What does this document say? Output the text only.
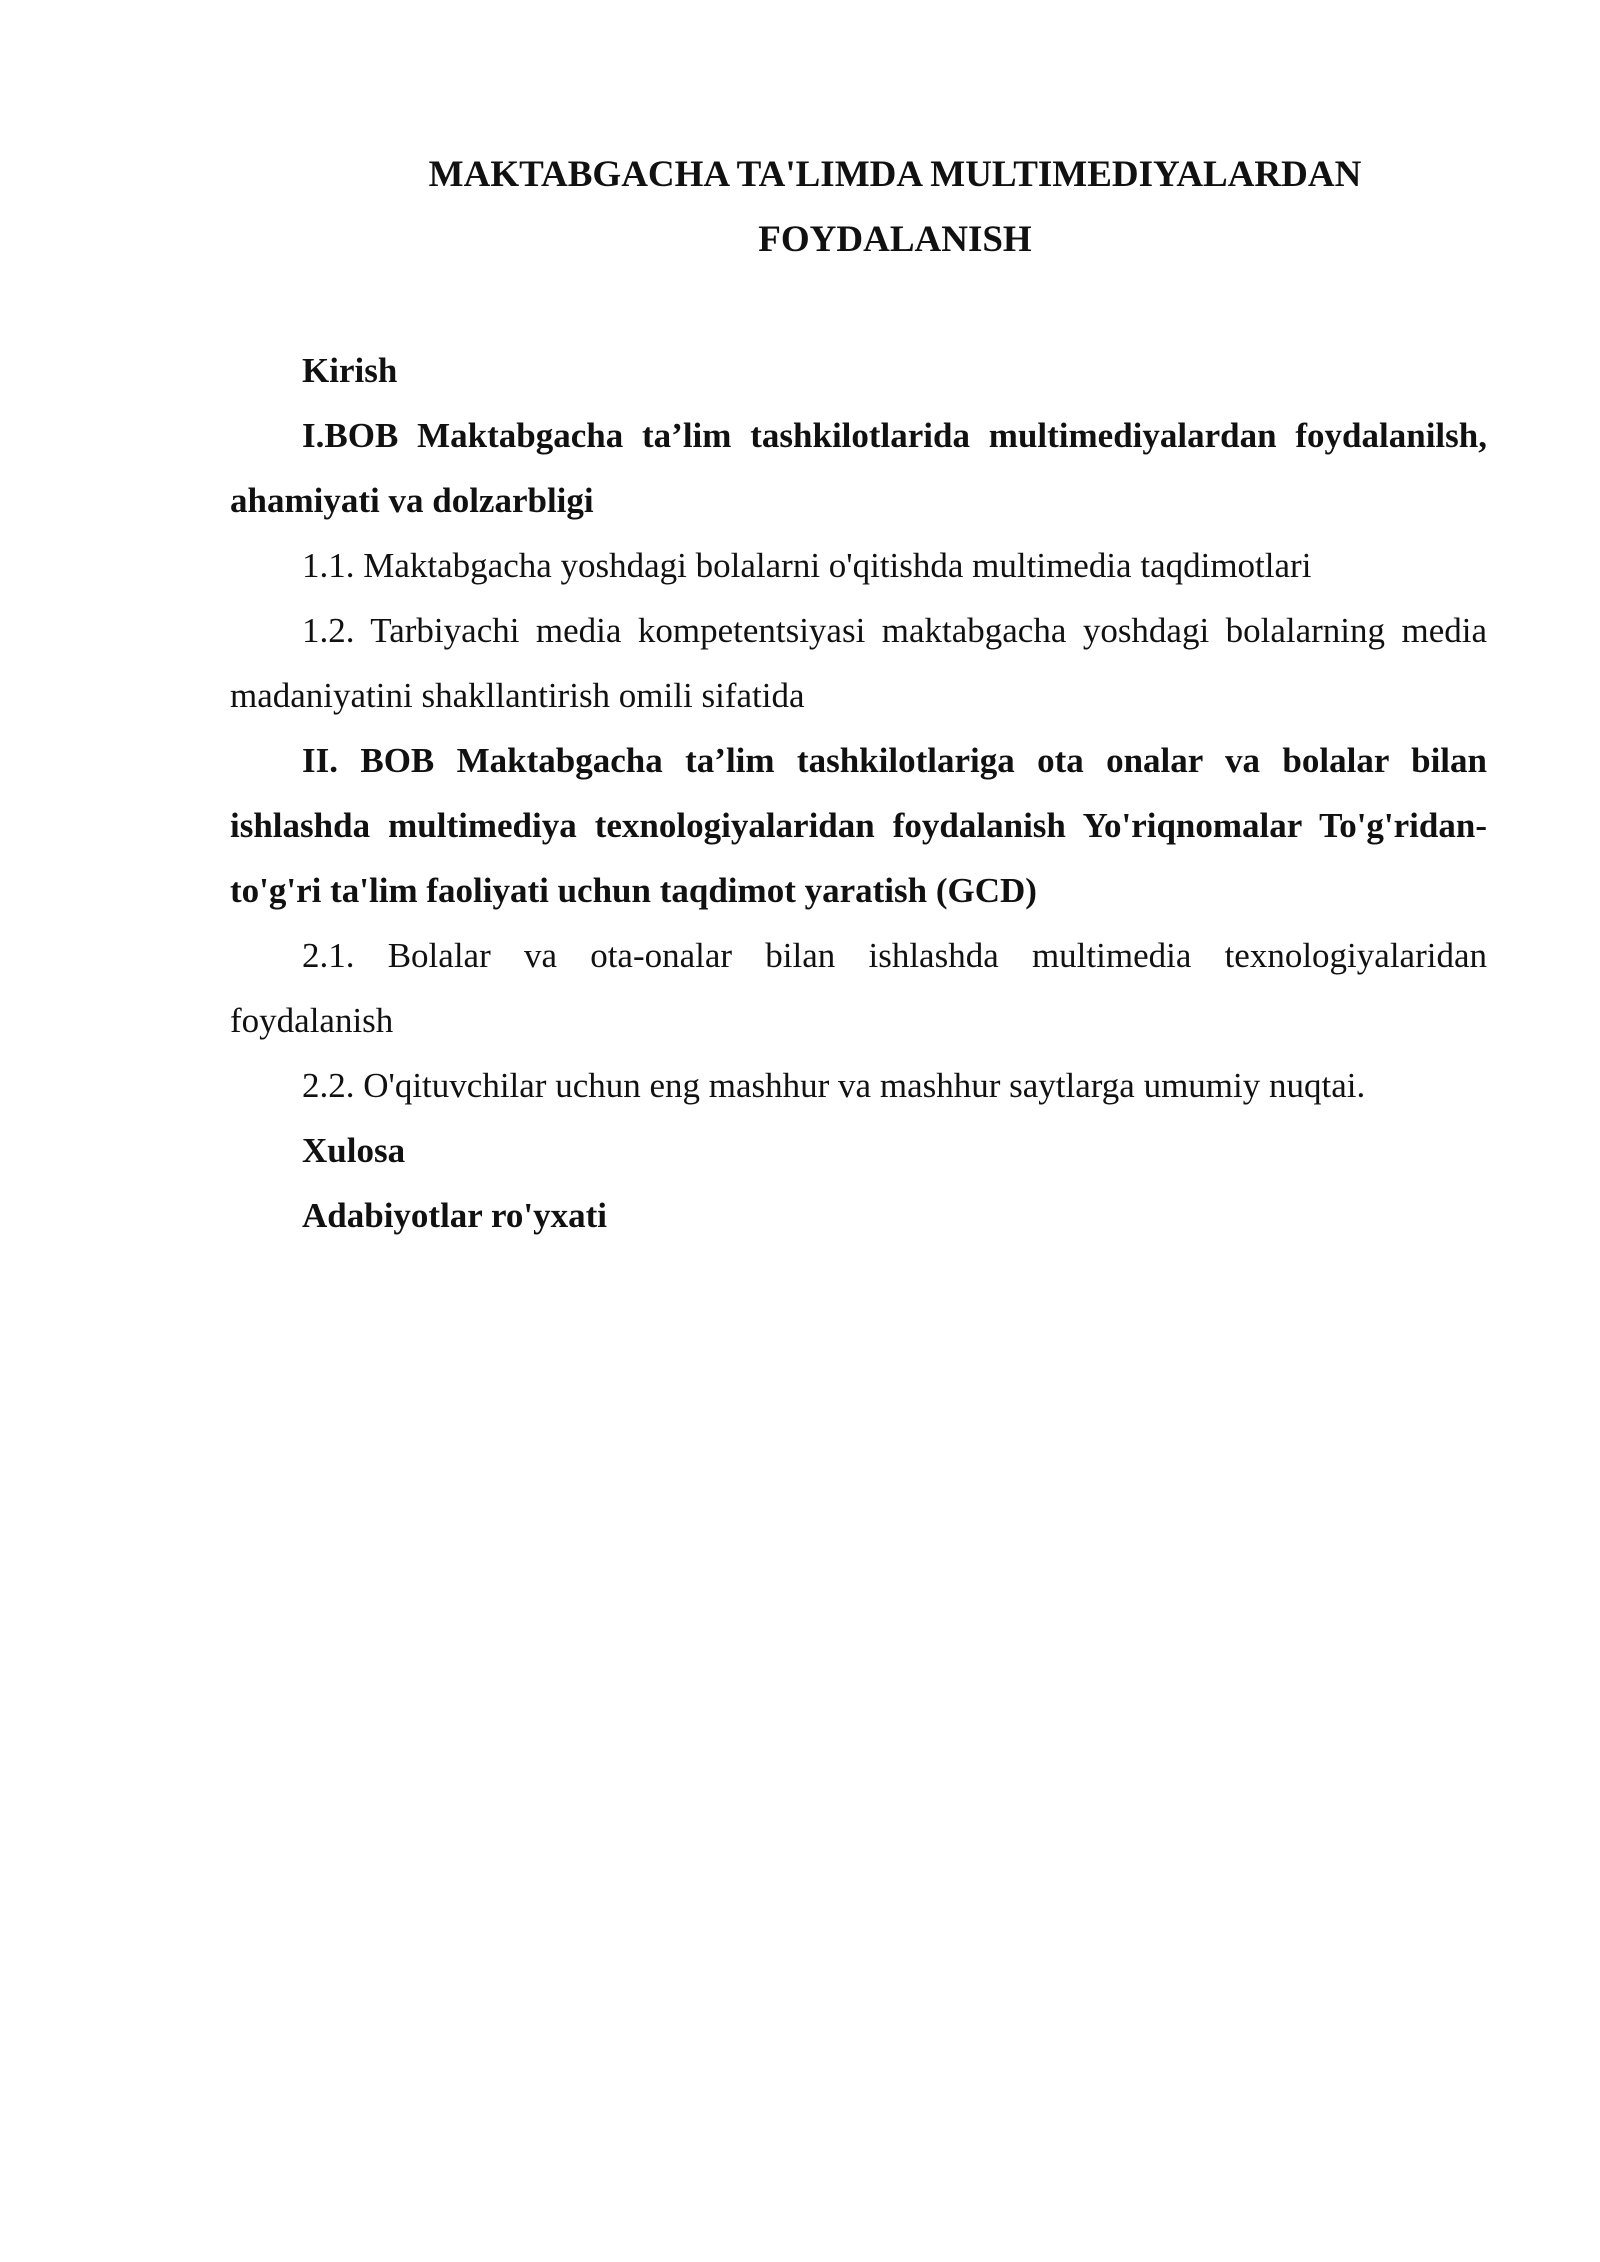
MAKTABGACHA TA'LIMDA MULTIMEDIYALARDAN
FOYDALANISH

Kirish

I.BOB Maktabgacha ta’lim tashkilotlarida multimediyalardan foydalanilsh, ahamiyati va dolzarbligi

1.1. Maktabgacha yoshdagi bolalarni o'qitishda multimedia taqdimotlari

1.2. Tarbiyachi media kompetentsiyasi maktabgacha yoshdagi bolalarning media madaniyatini shakllantirish omili sifatida

II. BOB Maktabgacha ta’lim tashkilotlariga ota onalar va bolalar bilan ishlashda multimediya texnologiyalaridan foydalanish Yo'riqnomalar To'g'ridan-to'g'ri ta'lim faoliyati uchun taqdimot yaratish (GCD)

2.1. Bolalar va ota-onalar bilan ishlashda multimedia texnologiyalaridan foydalanish

2.2. O'qituvchilar uchun eng mashhur va mashhur saytlarga umumiy nuqtai.

Xulosa

Adabiyotlar ro'yxati
